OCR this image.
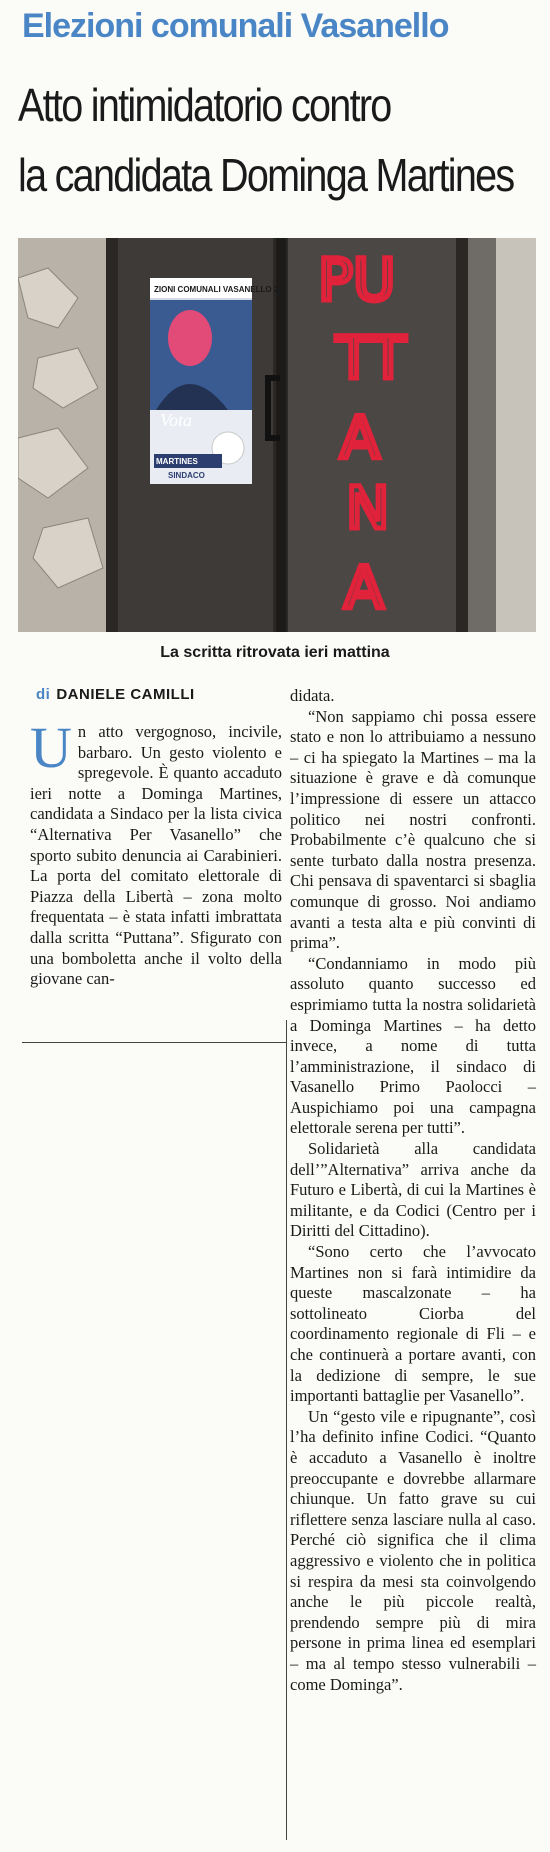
Elezioni comunali Vasanello
Atto intimidatorio contro
la candidata Dominga Martines
ZIONI COMUNALI VASANELLO 20
Vota
MARTINES
SINDACO
PU
TT
A
N
A
La scritta ritrovata ieri mattina
di DANIELE CAMILLI
U n atto vergognoso, incivile, barbaro. Un gesto violento e spregevole. È quanto accaduto ieri notte a Dominga Martines, candidata a Sindaco per la lista civica “Alternativa Per Vasanello” che sporto subito denuncia ai Carabinieri. La porta del comitato elettorale di Piazza della Libertà – zona molto frequentata – è stata infatti imbrattata dalla scritta “Puttana”. Sfigurato con una bomboletta anche il volto della giovane can-

didata.

“Non sappiamo chi possa essere stato e non lo attribuiamo a nessuno – ci ha spiegato la Martines – ma la situazione è grave e dà comunque l’impressione di essere un attacco politico nei nostri confronti. Probabilmente c’è qualcuno che si sente turbato dalla nostra presenza. Chi pensava di spaventarci si sbaglia comunque di grosso. Noi andiamo avanti a testa alta e più convinti di prima”.

“Condanniamo in modo più assoluto quanto successo ed esprimiamo tutta la nostra solidarietà a Dominga Martines – ha detto invece, a nome di tutta l’amministrazione, il sindaco di Vasanello Primo Paolocci – Auspichiamo poi una campagna elettorale serena per tutti”.

Solidarietà alla candidata dell’”Alternativa” arriva anche da Futuro e Libertà, di cui la Martines è militante, e da Codici (Centro per i Diritti del Cittadino).

“Sono certo che l’avvocato Martines non si farà intimidire da queste mascalzonate – ha sottolineato Ciorba del coordinamento regionale di Fli – e che continuerà a portare avanti, con la dedizione di sempre, le sue importanti battaglie per Vasanello”.

Un “gesto vile e ripugnante”, così l’ha definito infine Codici. “Quanto è accaduto a Vasanello è inoltre preoccupante e dovrebbe allarmare chiunque. Un fatto grave su cui riflettere senza lasciare nulla al caso. Perché ciò significa che il clima aggressivo e violento che in politica si respira da mesi sta coinvolgendo anche le più piccole realtà, prendendo sempre più di mira persone in prima linea ed esemplari – ma al tempo stesso vulnerabili – come Dominga”.
